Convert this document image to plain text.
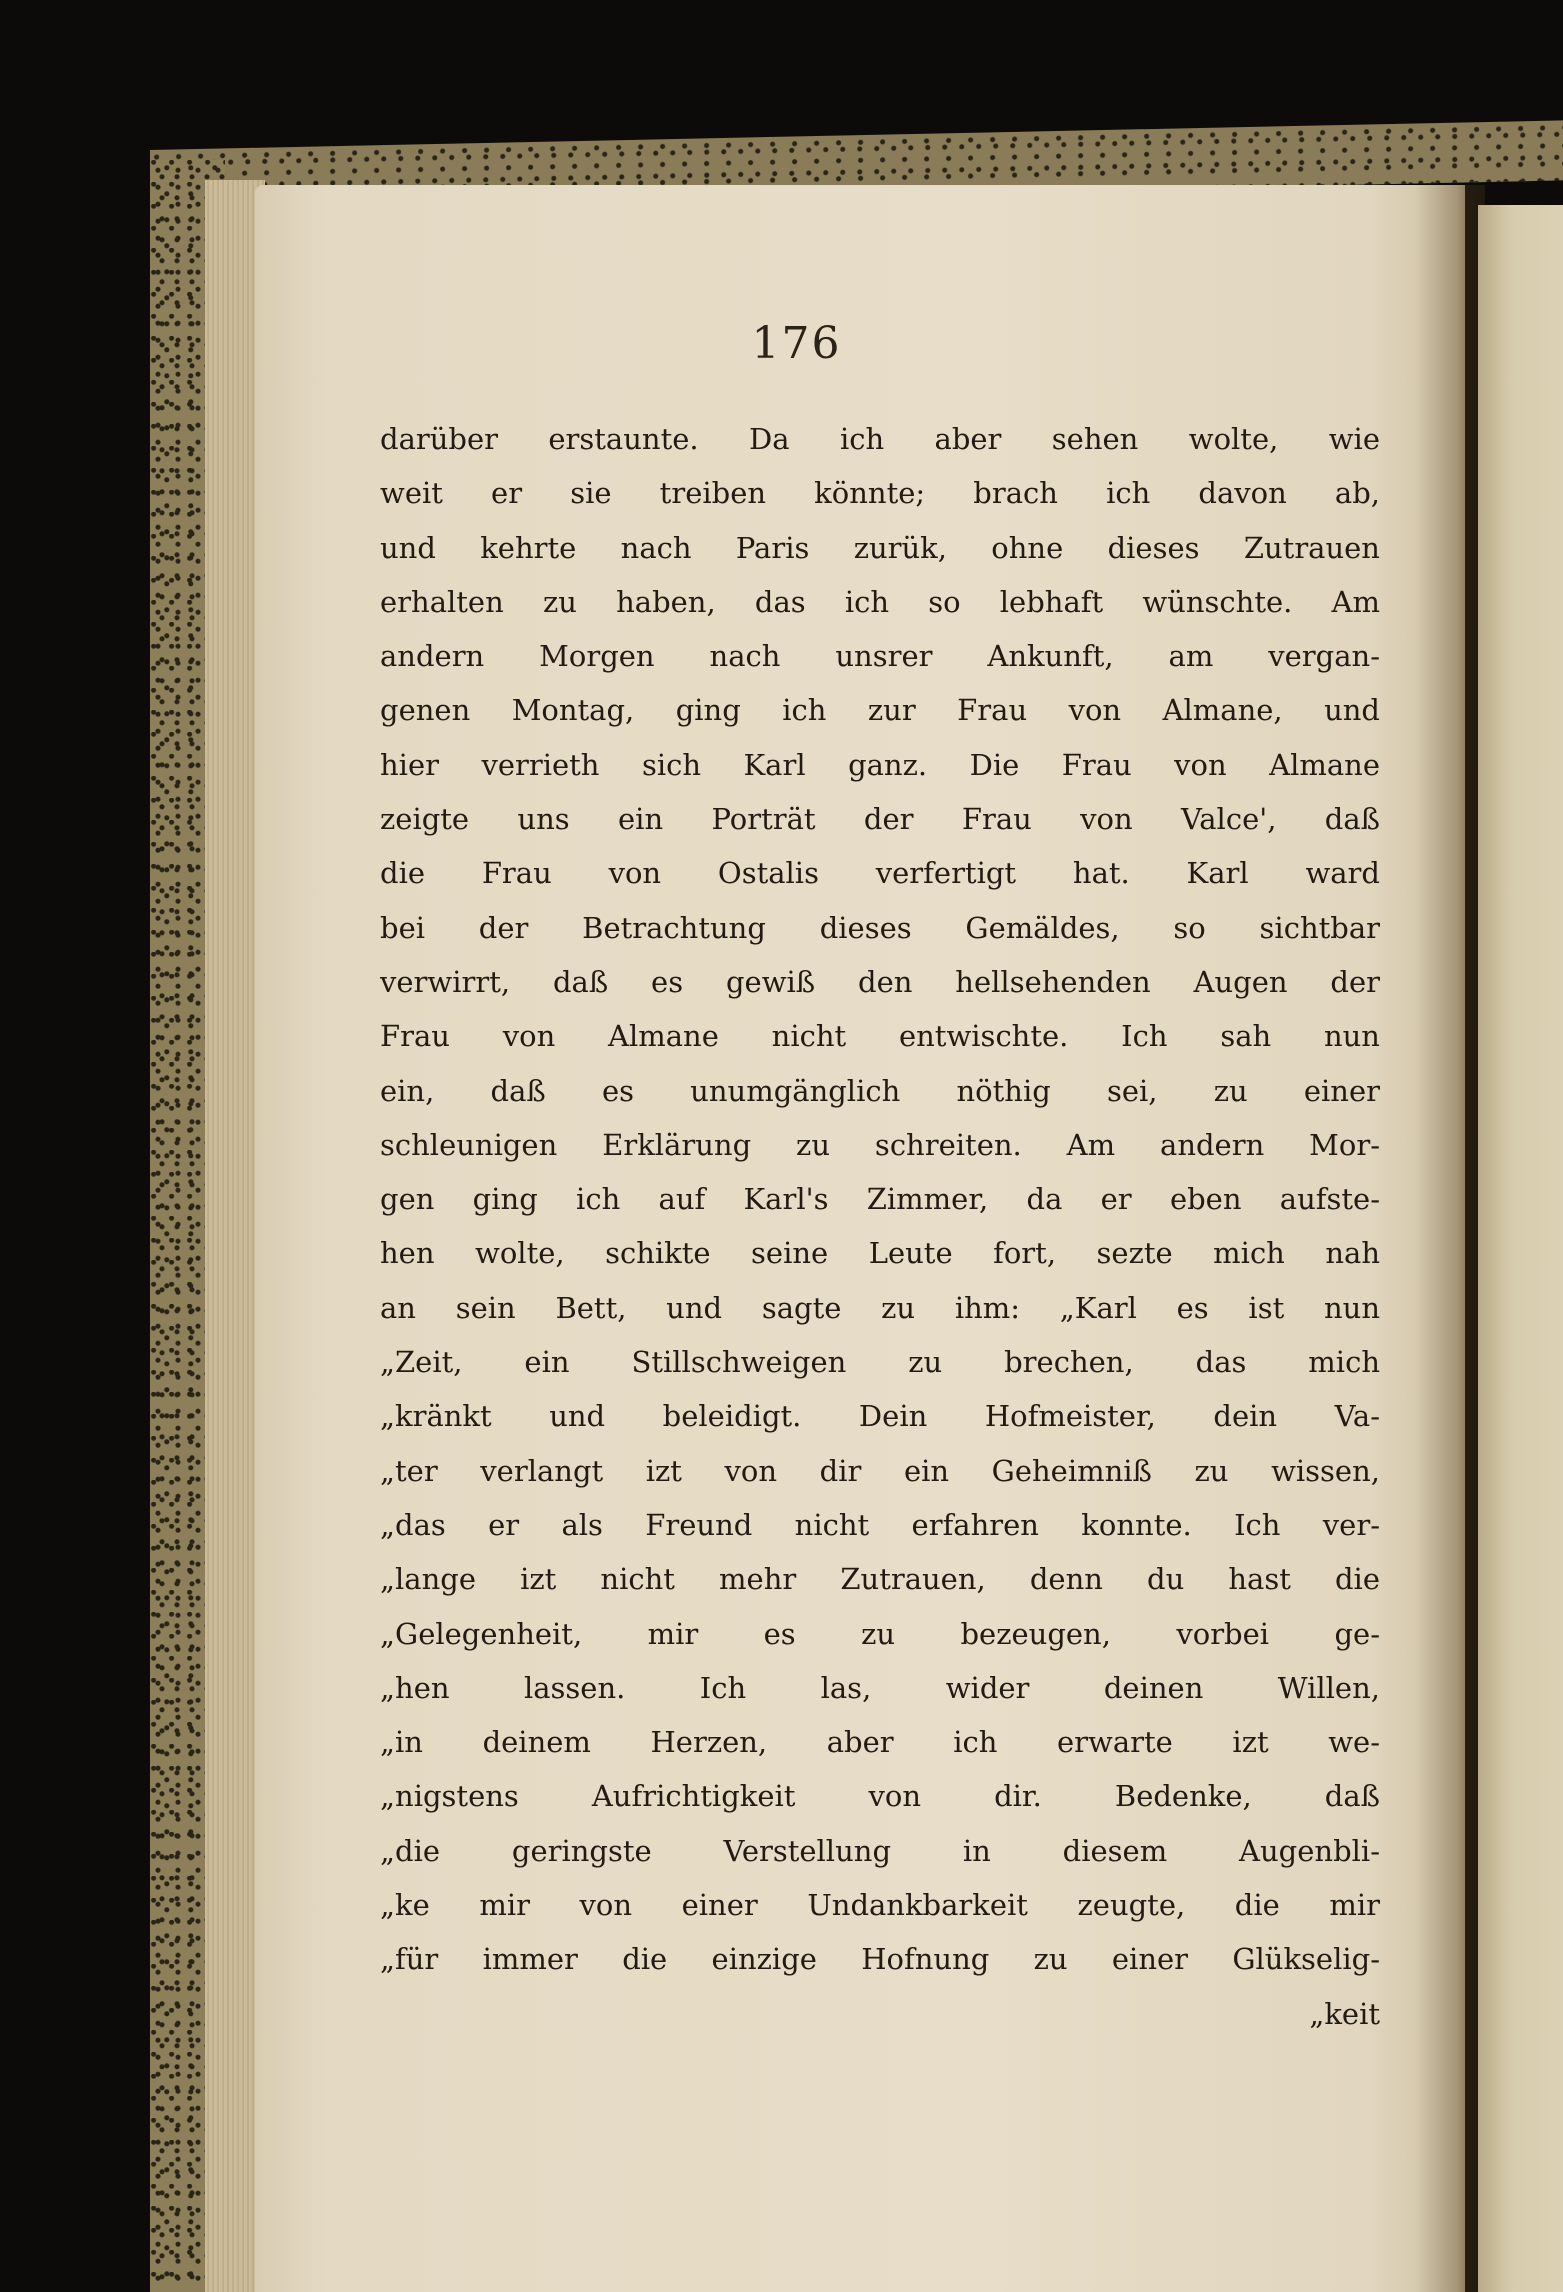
176
darüber erstaunte. Da ich aber sehen wolte, wie
weit er sie treiben könnte; brach ich davon ab,
und kehrte nach Paris zurük, ohne dieses Zutrauen
erhalten zu haben, das ich so lebhaft wünschte. Am
andern Morgen nach unsrer Ankunft, am vergan-
genen Montag, ging ich zur Frau von Almane, und
hier verrieth sich Karl ganz. Die Frau von Almane
zeigte uns ein Porträt der Frau von Valce', daß
die Frau von Ostalis verfertigt hat. Karl ward
bei der Betrachtung dieses Gemäldes, so sichtbar
verwirrt, daß es gewiß den hellsehenden Augen der
Frau von Almane nicht entwischte. Ich sah nun
ein, daß es unumgänglich nöthig sei, zu einer
schleunigen Erklärung zu schreiten. Am andern Mor-
gen ging ich auf Karl's Zimmer, da er eben aufste-
hen wolte, schikte seine Leute fort, sezte mich nah
an sein Bett, und sagte zu ihm: „Karl es ist nun
„Zeit, ein Stillschweigen zu brechen, das mich
„kränkt und beleidigt. Dein Hofmeister, dein Va-
„ter verlangt izt von dir ein Geheimniß zu wissen,
„das er als Freund nicht erfahren konnte. Ich ver-
„lange izt nicht mehr Zutrauen, denn du hast die
„Gelegenheit, mir es zu bezeugen, vorbei ge-
„hen lassen. Ich las, wider deinen Willen,
„in deinem Herzen, aber ich erwarte izt we-
„nigstens Aufrichtigkeit von dir. Bedenke, daß
„die geringste Verstellung in diesem Augenbli-
„ke mir von einer Undankbarkeit zeugte, die mir
„für immer die einzige Hofnung zu einer Glükselig-
„keit
